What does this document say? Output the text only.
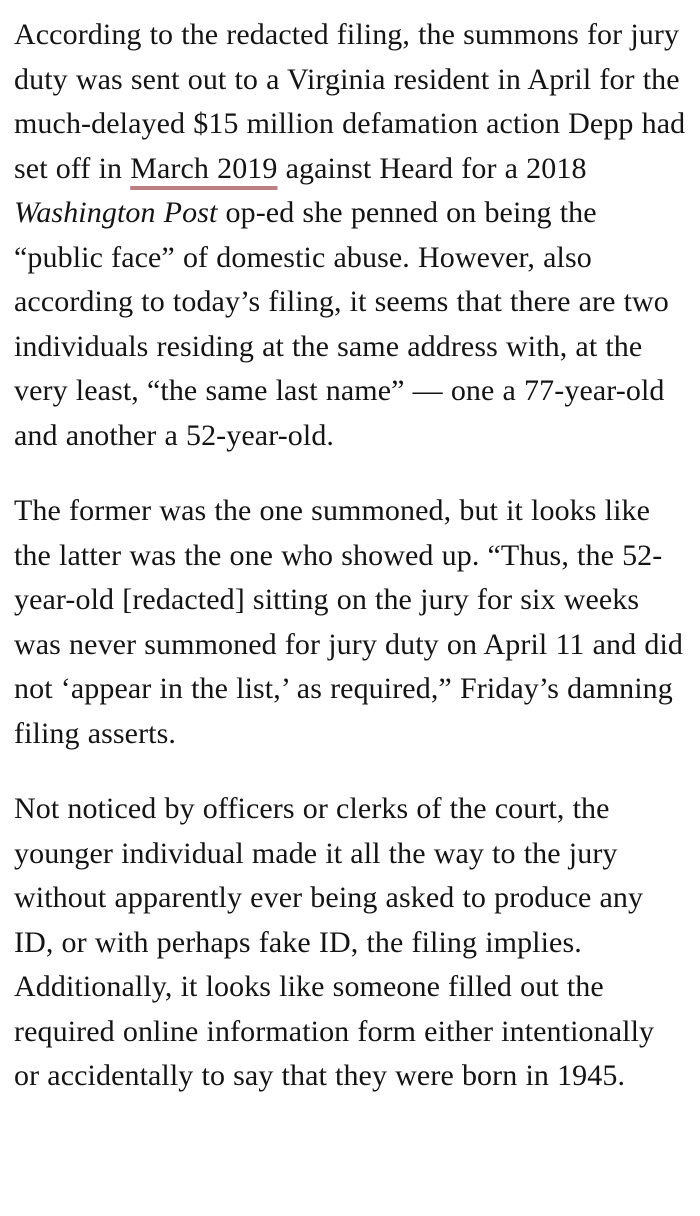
According to the redacted filing, the summons for jury duty was sent out to a Virginia resident in April for the much-delayed $15 million defamation action Depp had set off in March 2019 against Heard for a 2018 Washington Post op-ed she penned on being the “public face” of domestic abuse. However, also according to today’s filing, it seems that there are two individuals residing at the same address with, at the very least, “the same last name” — one a 77-year-old and another a 52-year-old.

The former was the one summoned, but it looks like the latter was the one who showed up. “Thus, the 52-year-old [redacted] sitting on the jury for six weeks was never summoned for jury duty on April 11 and did not ‘appear in the list,’ as required,” Friday’s damning filing asserts.

Not noticed by officers or clerks of the court, the younger individual made it all the way to the jury without apparently ever being asked to produce any ID, or with perhaps fake ID, the filing implies. Additionally, it looks like someone filled out the required online information form either intentionally or accidentally to say that they were born in 1945.
